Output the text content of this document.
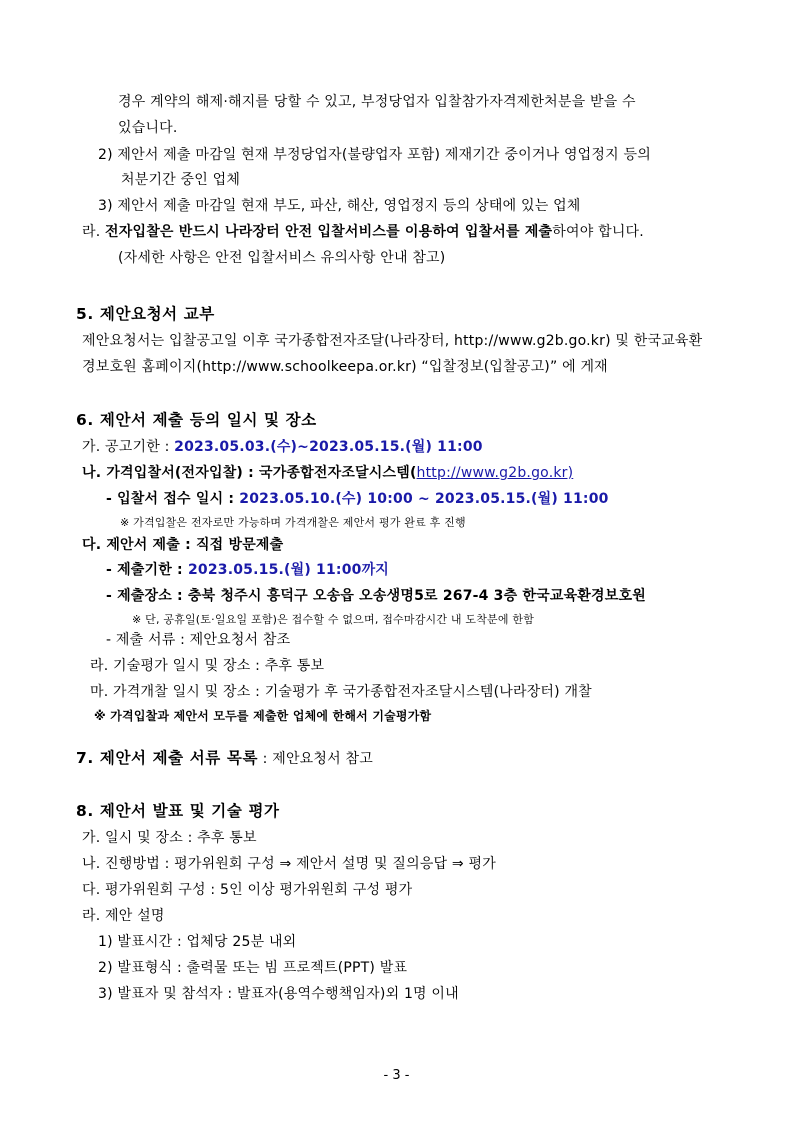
경우 계약의 해제·해지를 당할 수 있고, 부정당업자 입찰참가자격제한처분을 받을 수
있습니다.
2) 제안서 제출 마감일 현재 부정당업자(불량업자 포함) 제재기간 중이거나 영업정지 등의
처분기간 중인 업체
3) 제안서 제출 마감일 현재 부도, 파산, 해산, 영업정지 등의 상태에 있는 업체
라. 전자입찰은 반드시 나라장터 안전 입찰서비스를 이용하여 입찰서를 제출하여야 합니다.
(자세한 사항은 안전 입찰서비스 유의사항 안내 참고)
5. 제안요청서 교부
제안요청서는 입찰공고일 이후 국가종합전자조달(나라장터, http://www.g2b.go.kr) 및 한국교육환
경보호원 홈페이지(http://www.schoolkeepa.or.kr) “입찰정보(입찰공고)” 에 게재
6. 제안서 제출 등의 일시 및 장소
가. 공고기한 : 2023.05.03.(수)~2023.05.15.(월) 11:00
나. 가격입찰서(전자입찰) : 국가종합전자조달시스템(http://www.g2b.go.kr)
- 입찰서 접수 일시 : 2023.05.10.(수) 10:00 ~ 2023.05.15.(월) 11:00
※ 가격입찰은 전자로만 가능하며 가격개찰은 제안서 평가 완료 후 진행
다. 제안서 제출 : 직접 방문제출
- 제출기한 : 2023.05.15.(월) 11:00까지
- 제출장소 : 충북 청주시 흥덕구 오송읍 오송생명5로 267-4 3층 한국교육환경보호원
※ 단, 공휴일(토·일요일 포함)은 접수할 수 없으며, 접수마감시간 내 도착분에 한함
- 제출 서류 : 제안요청서 참조
라. 기술평가 일시 및 장소 : 추후 통보
마. 가격개찰 일시 및 장소 : 기술평가 후 국가종합전자조달시스템(나라장터) 개찰
※ 가격입찰과 제안서 모두를 제출한 업체에 한해서 기술평가함
7. 제안서 제출 서류 목록 : 제안요청서 참고
8. 제안서 발표 및 기술 평가
가. 일시 및 장소 : 추후 통보
나. 진행방법 : 평가위원회 구성 ⇒ 제안서 설명 및 질의응답 ⇒ 평가
다. 평가위원회 구성 : 5인 이상 평가위원회 구성 평가
라. 제안 설명
1) 발표시간 : 업체당 25분 내외
2) 발표형식 : 출력물 또는 빔 프로젝트(PPT) 발표
3) 발표자 및 참석자 : 발표자(용역수행책임자)외 1명 이내
- 3 -
